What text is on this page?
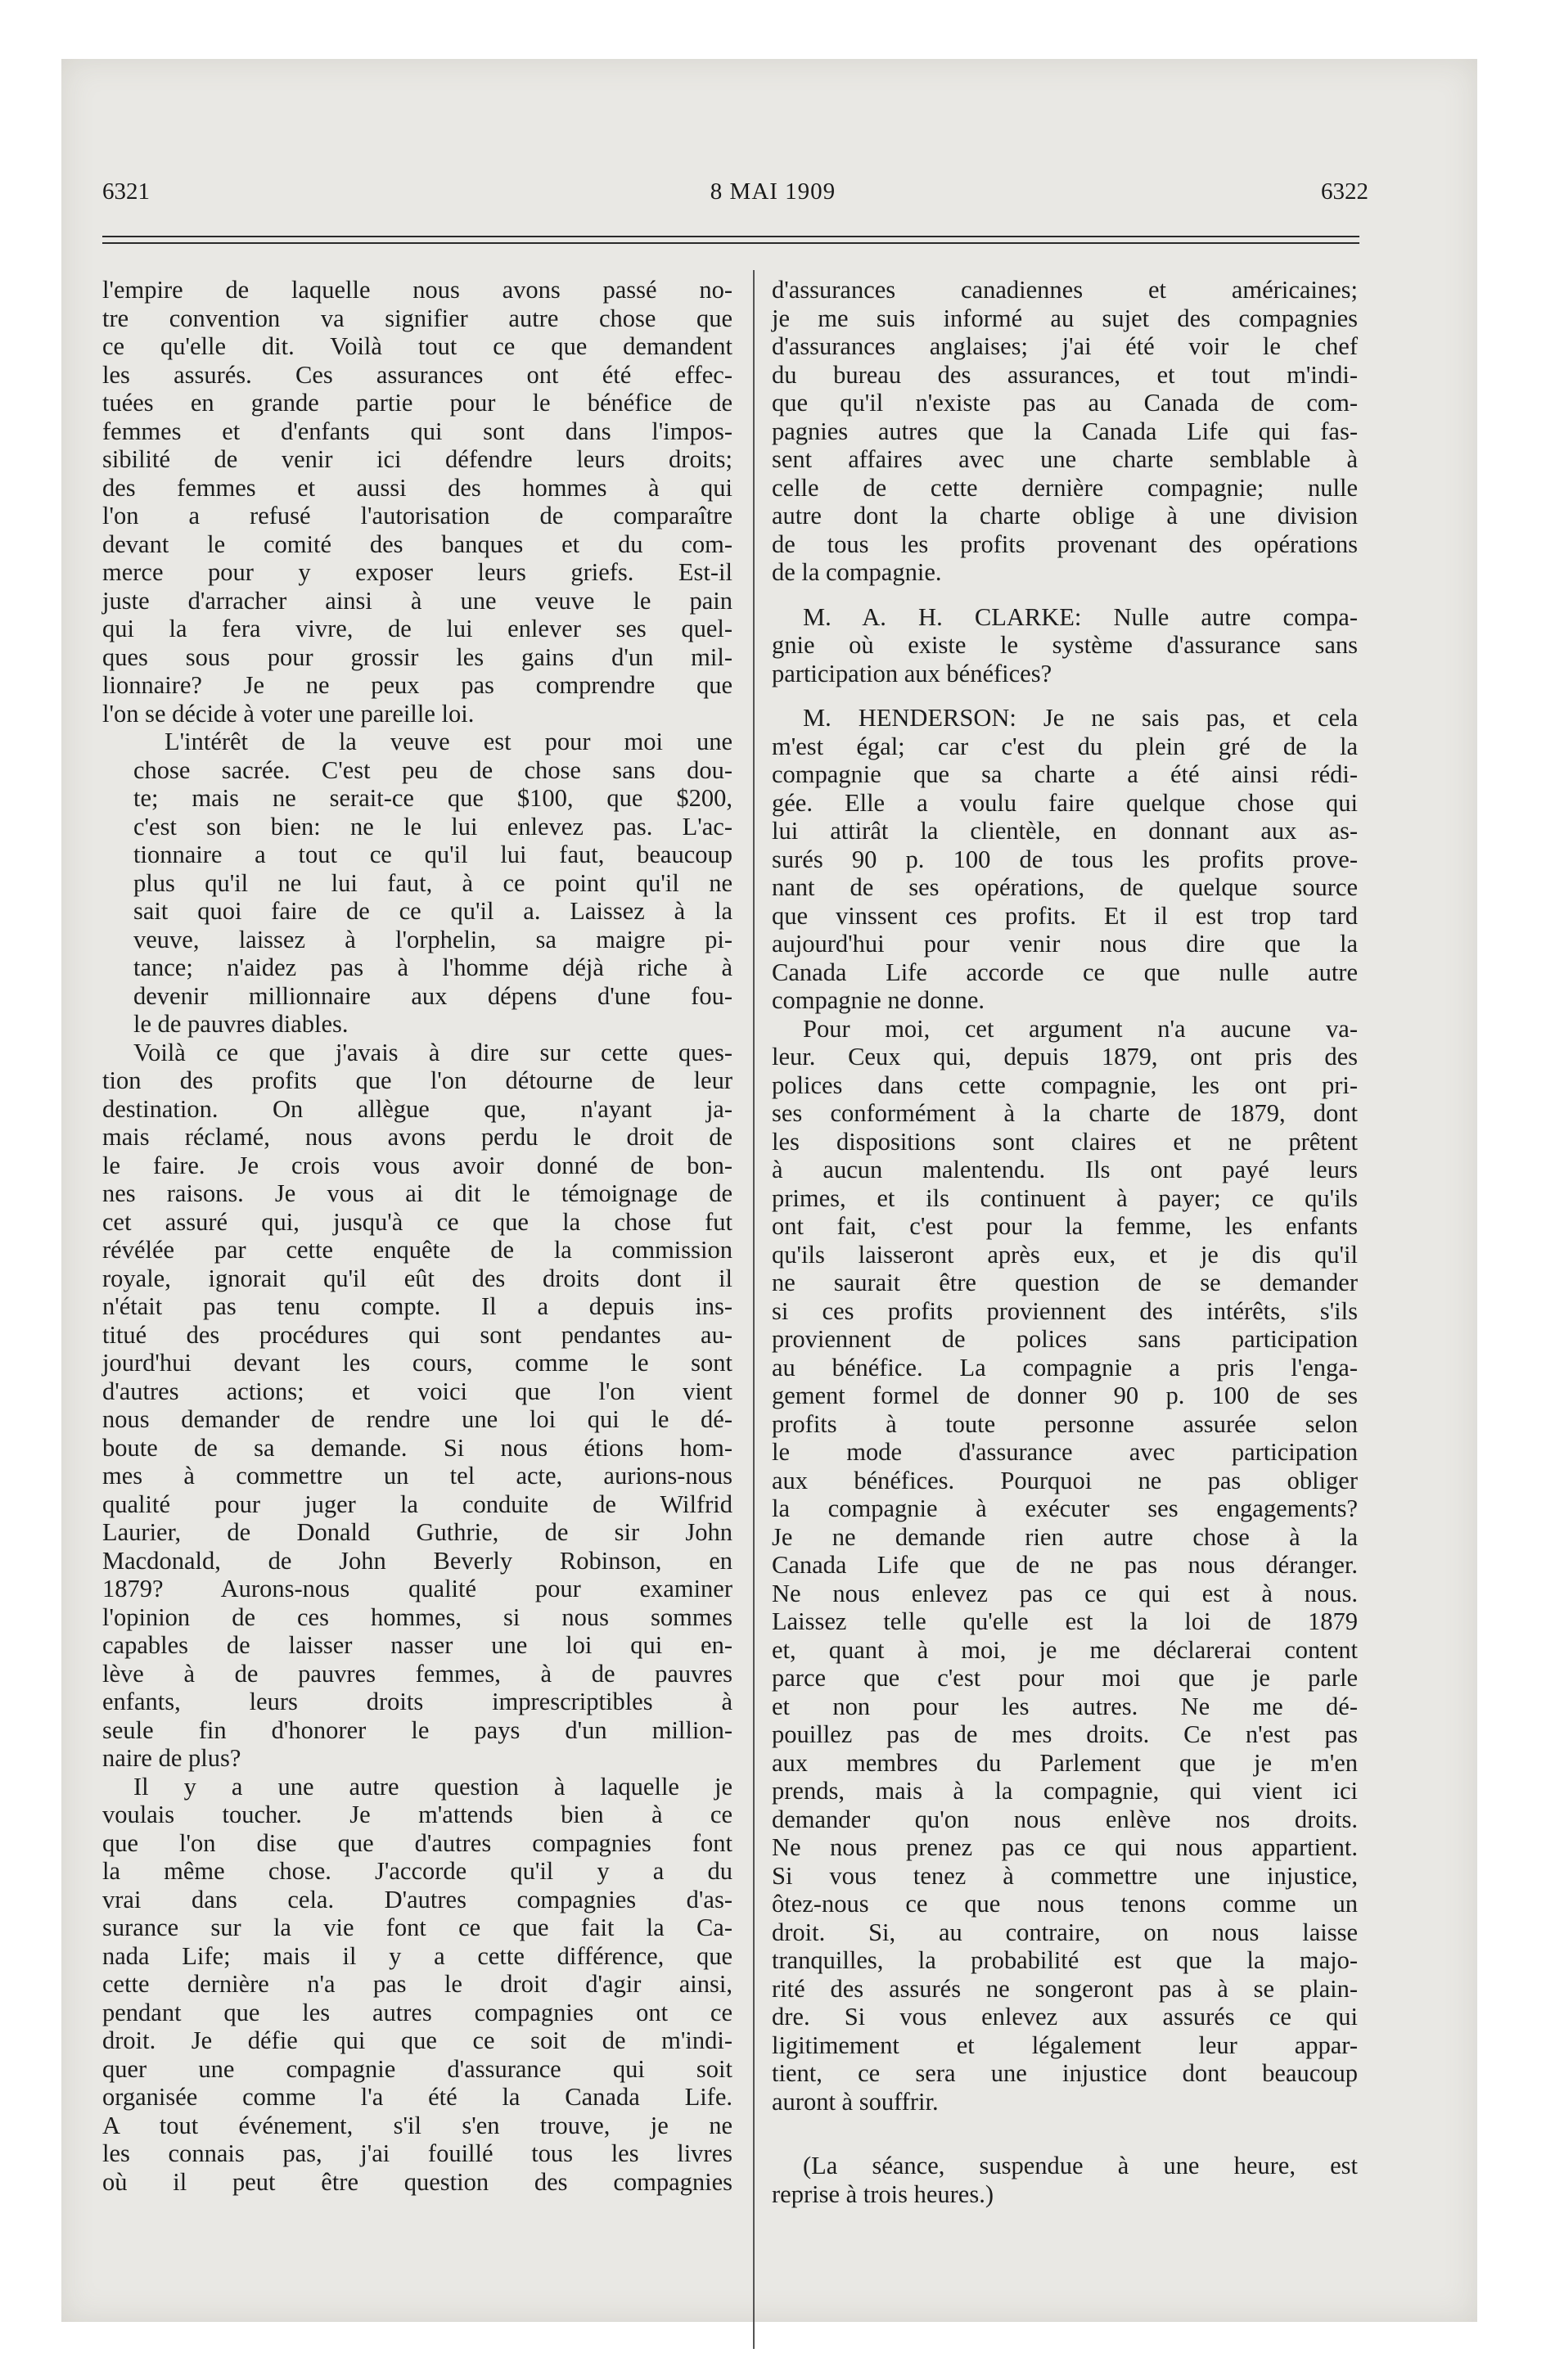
6321	8 MAI 1909	6322

l'empire de laquelle nous avons passé no-
tre convention va signifier autre chose que
ce qu'elle dit. Voilà tout ce que demandent
les assurés. Ces assurances ont été effec-
tuées en grande partie pour le bénéfice de
femmes et d'enfants qui sont dans l'impos-
sibilité de venir ici défendre leurs droits;
des femmes et aussi des hommes à qui
l'on a refusé l'autorisation de comparaître
devant le comité des banques et du com-
merce pour y exposer leurs griefs. Est-il
juste d'arracher ainsi à une veuve le pain
qui la fera vivre, de lui enlever ses quel-
ques sous pour grossir les gains d'un mil-
lionnaire? Je ne peux pas comprendre que
l'on se décide à voter une pareille loi.

L'intérêt de la veuve est pour moi une
chose sacrée. C'est peu de chose sans dou-
te; mais ne serait-ce que $100, que $200,
c'est son bien: ne le lui enlevez pas. L'ac-
tionnaire a tout ce qu'il lui faut, beaucoup
plus qu'il ne lui faut, à ce point qu'il ne
sait quoi faire de ce qu'il a. Laissez à la
veuve, laissez à l'orphelin, sa maigre pi-
tance; n'aidez pas à l'homme déjà riche à
devenir millionnaire aux dépens d'une fou-
le de pauvres diables.

Voilà ce que j'avais à dire sur cette ques-
tion des profits que l'on détourne de leur
destination. On allègue que, n'ayant ja-
mais réclamé, nous avons perdu le droit de
le faire. Je crois vous avoir donné de bon-
nes raisons. Je vous ai dit le témoignage de
cet assuré qui, jusqu'à ce que la chose fut
révélée par cette enquête de la commission
royale, ignorait qu'il eût des droits dont il
n'était pas tenu compte. Il a depuis ins-
titué des procédures qui sont pendantes au-
jourd'hui devant les cours, comme le sont
d'autres actions; et voici que l'on vient
nous demander de rendre une loi qui le dé-
boute de sa demande. Si nous étions hom-
mes à commettre un tel acte, aurions-nous
qualité pour juger la conduite de Wilfrid
Laurier, de Donald Guthrie, de sir John
Macdonald, de John Beverly Robinson, en
1879? Aurons-nous qualité pour examiner
l'opinion de ces hommes, si nous sommes
capables de laisser nasser une loi qui en-
lève à de pauvres femmes, à de pauvres
enfants, leurs droits imprescriptibles à
seule fin d'honorer le pays d'un million-
naire de plus?

Il y a une autre question à laquelle je
voulais toucher. Je m'attends bien à ce
que l'on dise que d'autres compagnies font
la même chose. J'accorde qu'il y a du
vrai dans cela. D'autres compagnies d'as-
surance sur la vie font ce que fait la Ca-
nada Life; mais il y a cette différence, que
cette dernière n'a pas le droit d'agir ainsi,
pendant que les autres compagnies ont ce
droit. Je défie qui que ce soit de m'indi-
quer une compagnie d'assurance qui soit
organisée comme l'a été la Canada Life.
A tout événement, s'il s'en trouve, je ne
les connais pas, j'ai fouillé tous les livres
où il peut être question des compagnies

d'assurances canadiennes et américaines;
je me suis informé au sujet des compagnies
d'assurances anglaises; j'ai été voir le chef
du bureau des assurances, et tout m'indi-
que qu'il n'existe pas au Canada de com-
pagnies autres que la Canada Life qui fas-
sent affaires avec une charte semblable à
celle de cette dernière compagnie; nulle
autre dont la charte oblige à une division
de tous les profits provenant des opérations
de la compagnie.

M. A. H. CLARKE: Nulle autre compa-
gnie où existe le système d'assurance sans
participation aux bénéfices?

M. HENDERSON: Je ne sais pas, et cela
m'est égal; car c'est du plein gré de la
compagnie que sa charte a été ainsi rédi-
gée. Elle a voulu faire quelque chose qui
lui attirât la clientèle, en donnant aux as-
surés 90 p. 100 de tous les profits prove-
nant de ses opérations, de quelque source
que vinssent ces profits. Et il est trop tard
aujourd'hui pour venir nous dire que la
Canada Life accorde ce que nulle autre
compagnie ne donne.

Pour moi, cet argument n'a aucune va-
leur. Ceux qui, depuis 1879, ont pris des
polices dans cette compagnie, les ont pri-
ses conformément à la charte de 1879, dont
les dispositions sont claires et ne prêtent
à aucun malentendu. Ils ont payé leurs
primes, et ils continuent à payer; ce qu'ils
ont fait, c'est pour la femme, les enfants
qu'ils laisseront après eux, et je dis qu'il
ne saurait être question de se demander
si ces profits proviennent des intérêts, s'ils
proviennent de polices sans participation
au bénéfice. La compagnie a pris l'enga-
gement formel de donner 90 p. 100 de ses
profits à toute personne assurée selon
le mode d'assurance avec participation
aux bénéfices. Pourquoi ne pas obliger
la compagnie à exécuter ses engagements?
Je ne demande rien autre chose à la
Canada Life que de ne pas nous déranger.
Ne nous enlevez pas ce qui est à nous.
Laissez telle qu'elle est la loi de 1879
et, quant à moi, je me déclarerai content
parce que c'est pour moi que je parle
et non pour les autres. Ne me dé-
pouillez pas de mes droits. Ce n'est pas
aux membres du Parlement que je m'en
prends, mais à la compagnie, qui vient ici
demander qu'on nous enlève nos droits.
Ne nous prenez pas ce qui nous appartient.
Si vous tenez à commettre une injustice,
ôtez-nous ce que nous tenons comme un
droit. Si, au contraire, on nous laisse
tranquilles, la probabilité est que la majo-
rité des assurés ne songeront pas à se plain-
dre. Si vous enlevez aux assurés ce qui
ligitimement et légalement leur appar-
tient, ce sera une injustice dont beaucoup
auront à souffrir.

(La séance, suspendue à une heure, est
reprise à trois heures.)
